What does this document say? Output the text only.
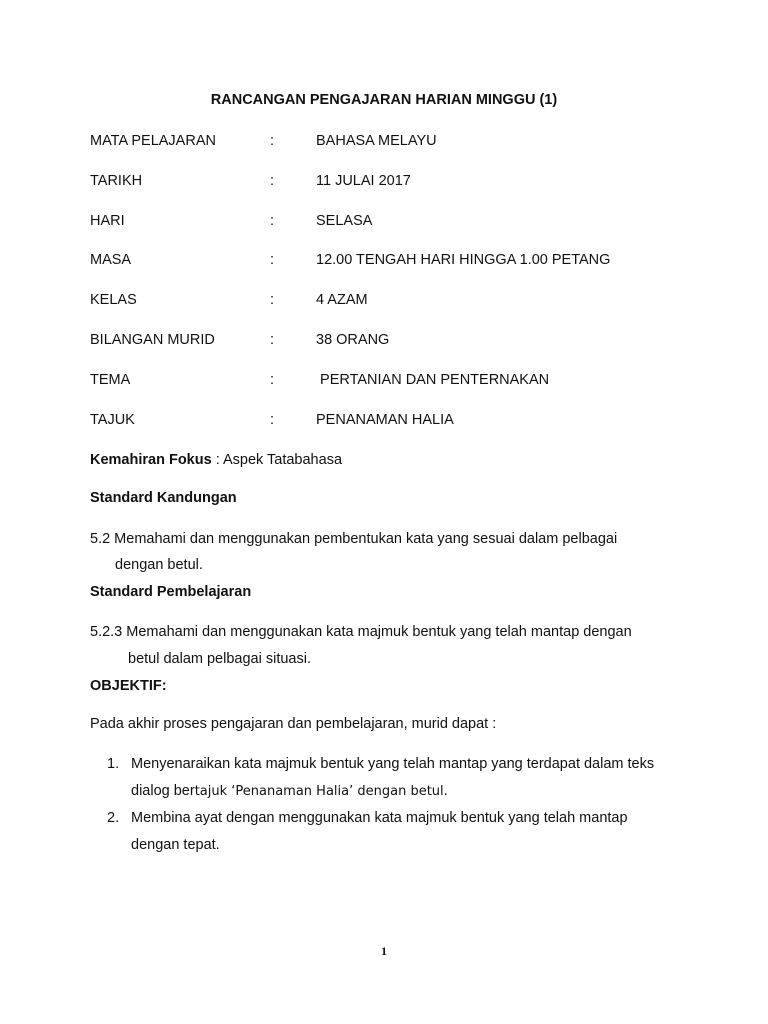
RANCANGAN PENGAJARAN HARIAN MINGGU (1)
MATA PELAJARAN	:	BAHASA MELAYU
TARIKH	:	11 JULAI 2017
HARI	:	SELASA
MASA	:	12.00 TENGAH HARI HINGGA 1.00 PETANG
KELAS	:	4 AZAM
BILANGAN MURID	:	38 ORANG
TEMA	:	PERTANIAN DAN PENTERNAKAN
TAJUK	:	PENANAMAN HALIA
Kemahiran Fokus : Aspek Tatabahasa
Standard Kandungan
5.2 Memahami dan menggunakan pembentukan kata yang sesuai dalam pelbagai
dengan betul.
Standard Pembelajaran
5.2.3 Memahami dan menggunakan kata majmuk bentuk yang telah mantap dengan
betul dalam pelbagai situasi.
OBJEKTIF:
Pada akhir proses pengajaran dan pembelajaran, murid dapat :
1. Menyenaraikan kata majmuk bentuk yang telah mantap yang terdapat dalam teks
dialog bertajuk ‘Penanaman Halia’ dengan betul.
2. Membina ayat dengan menggunakan kata majmuk bentuk yang telah mantap
dengan tepat.
1
